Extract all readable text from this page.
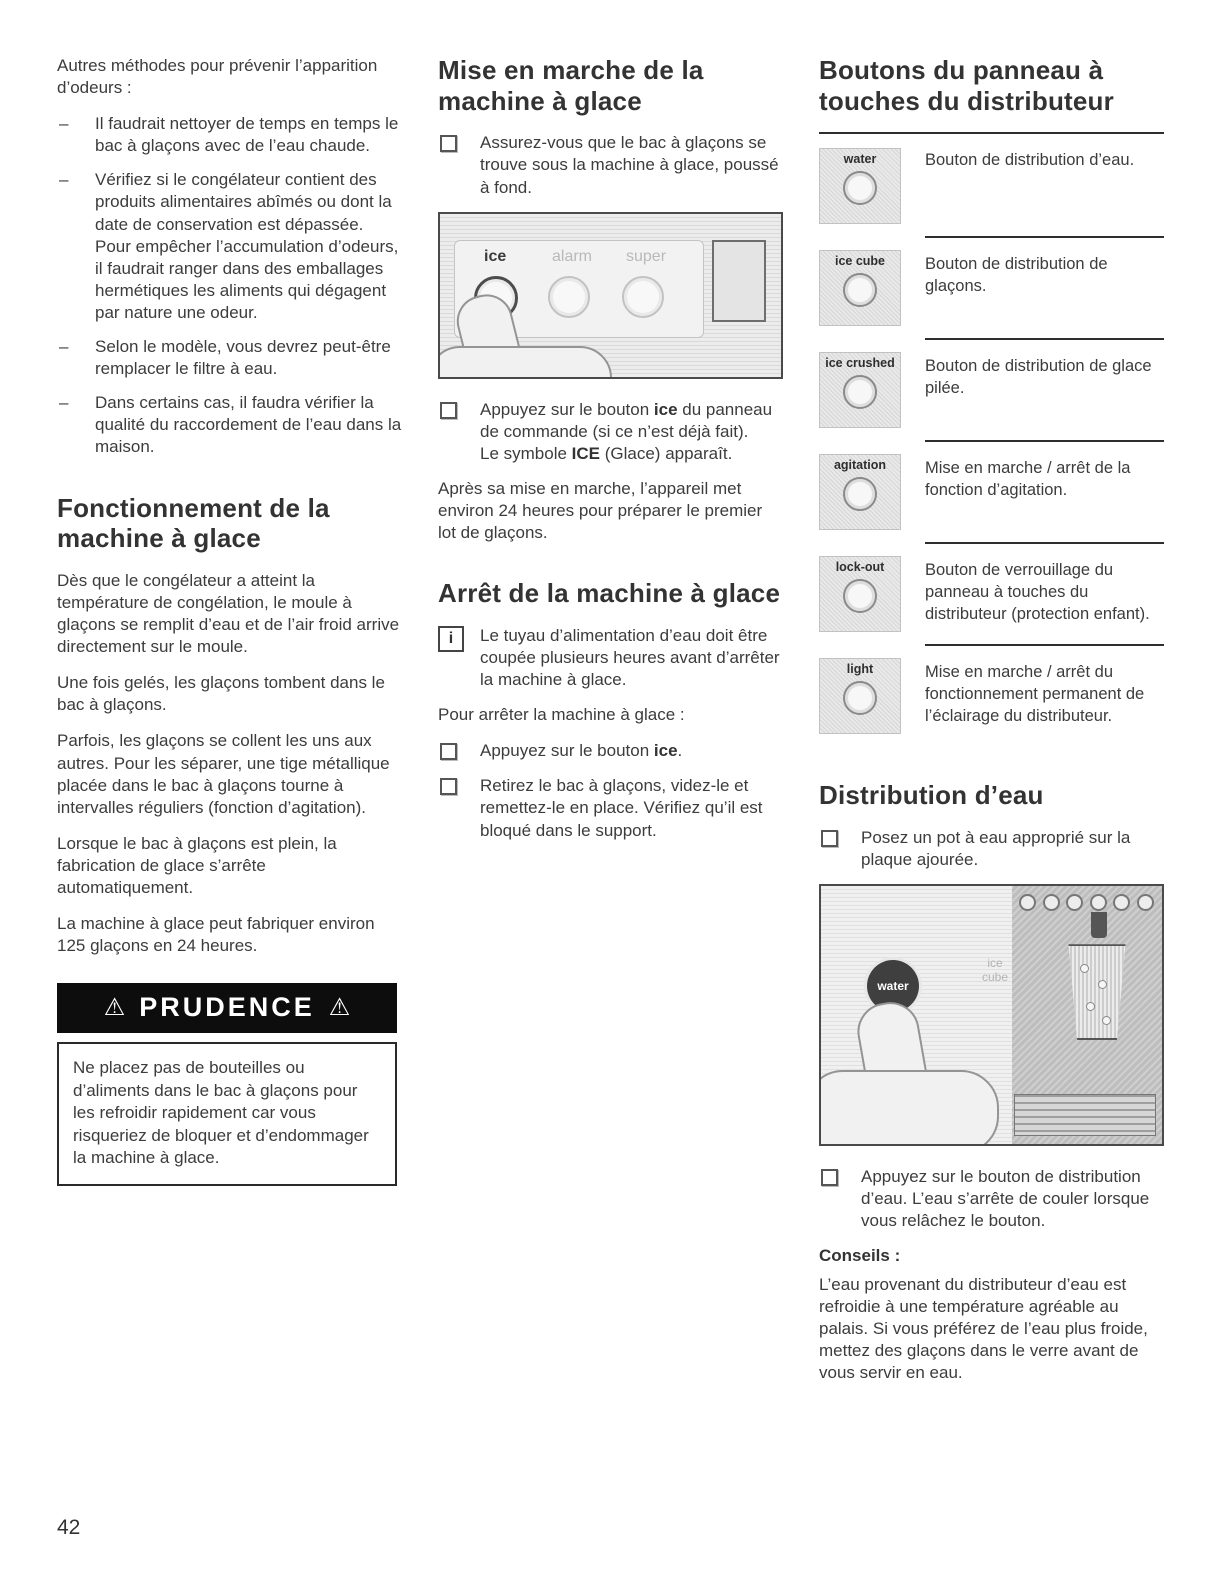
Autres méthodes pour prévenir l’apparition d’odeurs :

– Il faudrait nettoyer de temps en temps le bac à glaçons avec de l’eau chaude.
– Vérifiez si le congélateur contient des produits alimentaires abîmés ou dont la date de conservation est dépassée. Pour empêcher l’accumulation d’odeurs, il faudrait ranger dans des emballages hermétiques les aliments qui dégagent par nature une odeur.
– Selon le modèle, vous devrez peut-être remplacer le filtre à eau.
– Dans certains cas, il faudra vérifier la qualité du raccordement de l’eau dans la maison.
Fonctionnement de la machine à glace

Dès que le congélateur a atteint la température de congélation, le moule à glaçons se remplit d’eau et de l’air froid arrive directement sur le moule.

Une fois gelés, les glaçons tombent dans le bac à glaçons.

Parfois, les glaçons se collent les uns aux autres. Pour les séparer, une tige métallique placée dans le bac à glaçons tourne à intervalles réguliers (fonction d’agitation).

Lorsque le bac à glaçons est plein, la fabrication de glace s’arrête automatiquement.

La machine à glace peut fabriquer environ 125 glaçons en 24 heures.

⚠ PRUDENCE ⚠
Ne placez pas de bouteilles ou d’aliments dans le bac à glaçons pour les refroidir rapidement car vous risqueriez de bloquer et d’endommager la machine à glace.
Mise en marche de la machine à glace
Assurez-vous que le bac à glaçons se trouve sous la machine à glace, poussé à fond.
ice	alarm super
Appuyez sur le bouton ice du panneau de commande (si ce n’est déjà fait).
Le symbole ICE (Glace) apparaît.

Après sa mise en marche, l’appareil met environ 24 heures pour préparer le premier lot de glaçons.

Arrêt de la machine à glace
i	Le tuyau d’alimentation d’eau doit être coupée plusieurs heures avant d’arrêter la machine à glace.

Pour arrêter la machine à glace :

Appuyez sur le bouton ice.
Retirez le bac à glaçons, videz-le et remettez-le en place. Vérifiez qu’il est bloqué dans le support.
Boutons du panneau à touches du distributeur
water	Bouton de distribution d’eau.
ice cube	Bouton de distribution de glaçons.
ice crushed	Bouton de distribution de glace pilée.
agitation	Mise en marche / arrêt de la fonction d’agitation.
lock-out	Bouton de verrouillage du panneau à touches du distributeur (protection enfant).
light	Mise en marche / arrêt du fonctionnement permanent de l’éclairage du distributeur.
Distribution d’eau
Posez un pot à eau approprié sur la plaque ajourée.
water
ice cube
Appuyez sur le bouton de distribution d’eau. L’eau s’arrête de couler lorsque vous relâchez le bouton.

Conseils :

L’eau provenant du distributeur d’eau est refroidie à une température agréable au palais. Si vous préférez de l’eau plus froide, mettez des glaçons dans le verre avant de vous servir en eau.

42
